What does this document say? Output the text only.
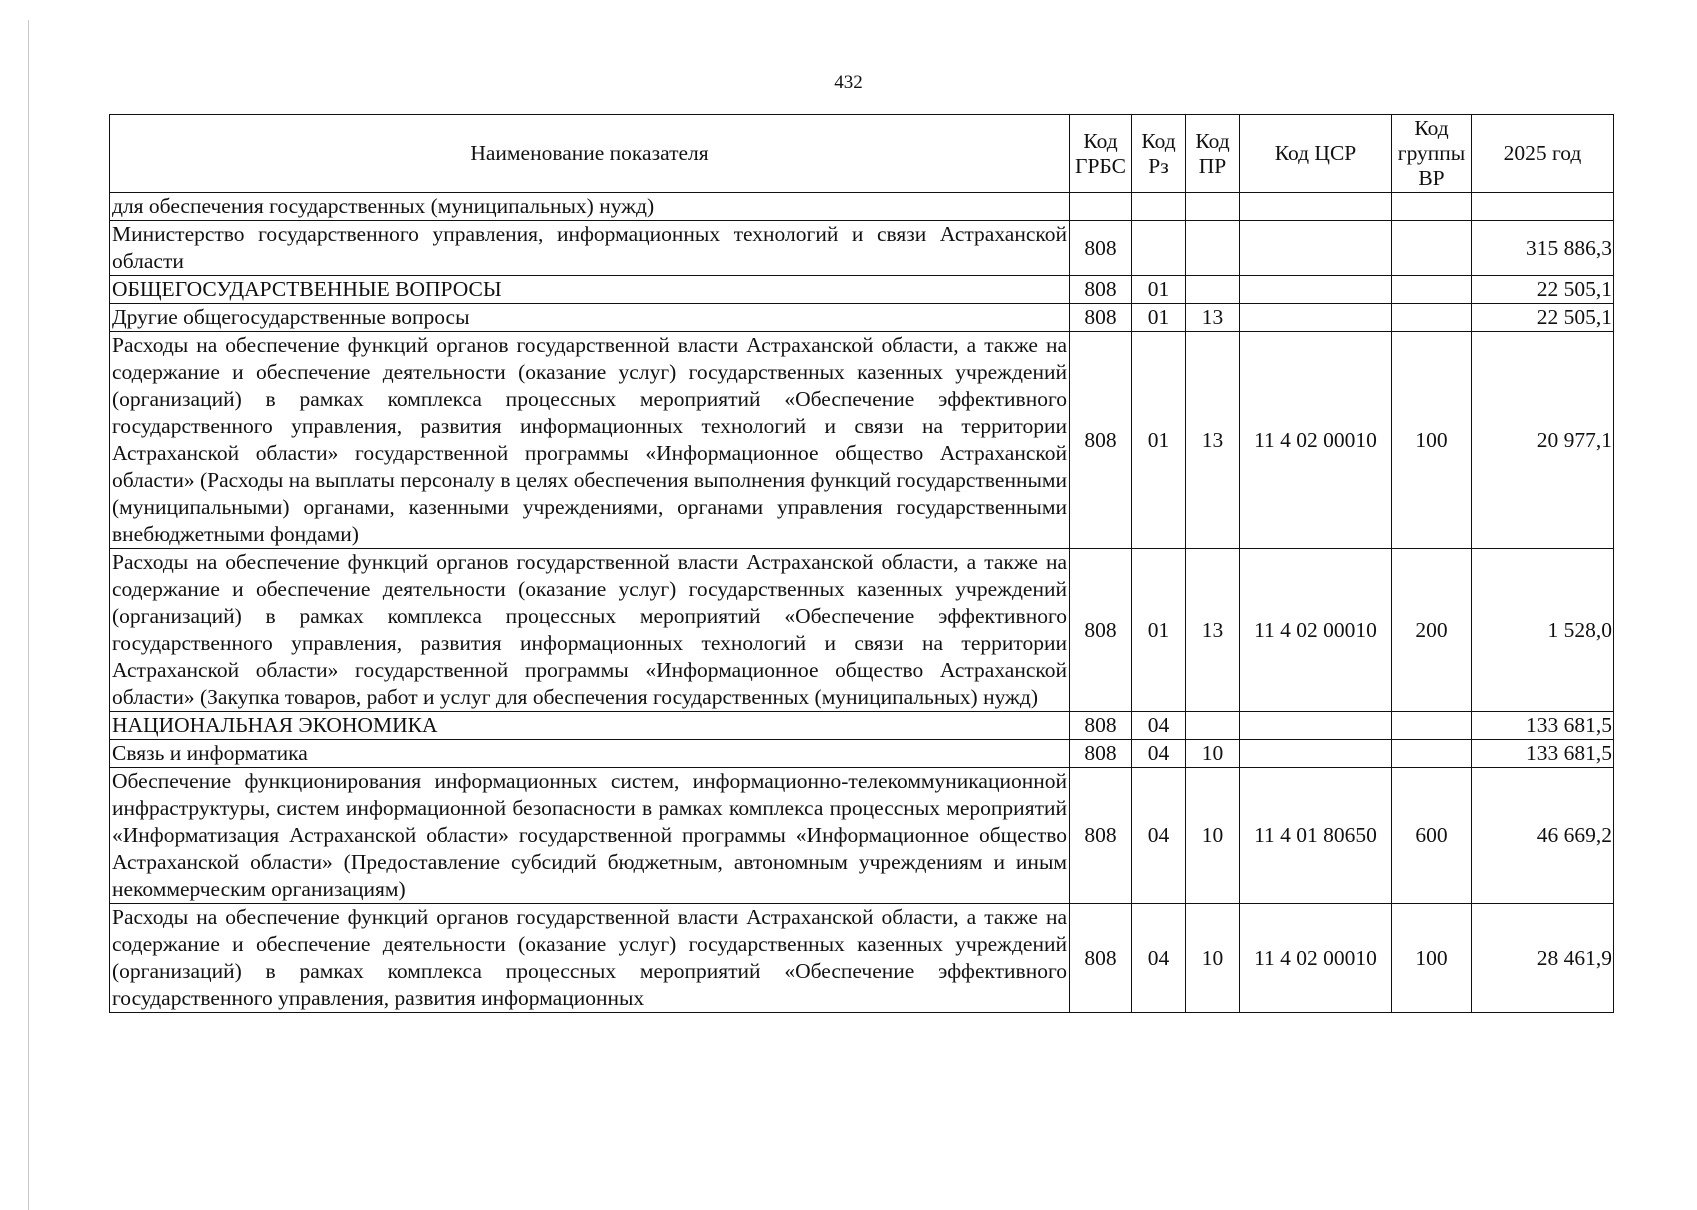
432
Наименование показателя	Код ГРБС	Код Рз	Код ПР	Код ЦСР	Код группы ВР	2025 год
для обеспечения государственных (муниципальных) нужд)						
Министерство государственного управления, информационных технологий и связи Астраханской области	808					315 886,3
ОБЩЕГОСУДАРСТВЕННЫЕ ВОПРОСЫ	808	01				22 505,1
Другие общегосударственные вопросы	808	01	13			22 505,1
Расходы на обеспечение функций органов государственной власти Астраханской области, а также на содержание и обеспечение деятельности (оказание услуг) государственных казенных учреждений (организаций) в рамках комплекса процессных мероприятий «Обеспечение эффективного государственного управления, развития информационных технологий и связи на территории Астраханской области» государственной программы «Информационное общество Астраханской области» (Расходы на выплаты персоналу в целях обеспечения выполнения функций государственными (муниципальными) органами, казенными учреждениями, органами управления государственными внебюджетными фондами)	808	01	13	11 4 02 00010	100	20 977,1
Расходы на обеспечение функций органов государственной власти Астраханской области, а также на содержание и обеспечение деятельности (оказание услуг) государственных казенных учреждений (организаций) в рамках комплекса процессных мероприятий «Обеспечение эффективного государственного управления, развития информационных технологий и связи на территории Астраханской области» государственной программы «Информационное общество Астраханской области» (Закупка товаров, работ и услуг для обеспечения государственных (муниципальных) нужд)	808	01	13	11 4 02 00010	200	1 528,0
НАЦИОНАЛЬНАЯ ЭКОНОМИКА	808	04				133 681,5
Связь и информатика	808	04	10			133 681,5
Обеспечение функционирования информационных систем, информационно-телекоммуникационной инфраструктуры, систем информационной безопасности в рамках комплекса процессных мероприятий «Информатизация Астраханской области» государственной программы «Информационное общество Астраханской области» (Предоставление субсидий бюджетным, автономным учреждениям и иным некоммерческим организациям)	808	04	10	11 4 01 80650	600	46 669,2
Расходы на обеспечение функций органов государственной власти Астраханской области, а также на содержание и обеспечение деятельности (оказание услуг) государственных казенных учреждений (организаций) в рамках комплекса процессных мероприятий «Обеспечение эффективного государственного управления, развития информационных	808	04	10	11 4 02 00010	100	28 461,9
